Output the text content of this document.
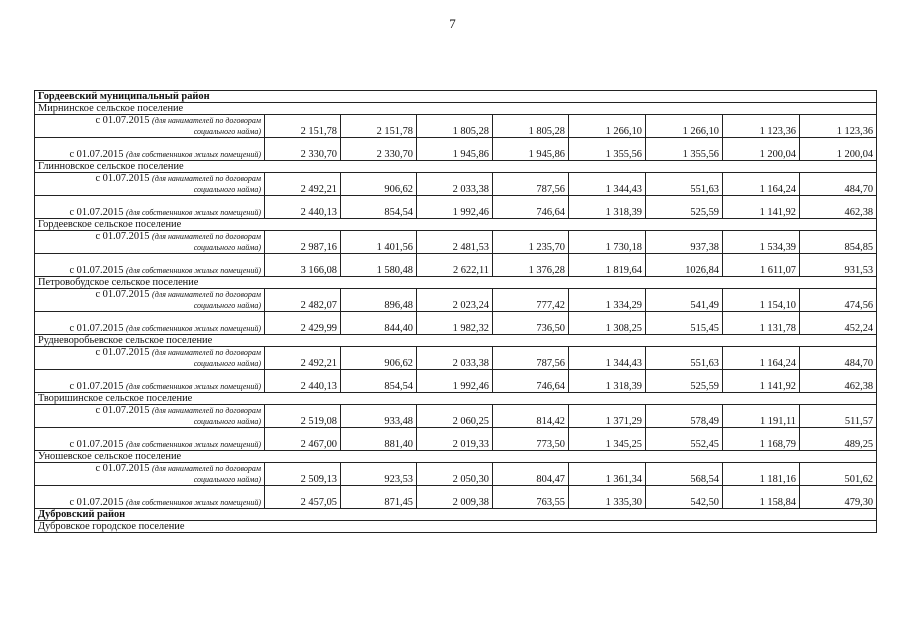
7
Гордеевский муниципальный район								
Мирнинское сельское поселение								

с 01.07.2015 (для нанимателей по договорам
социального найма)	2 151,78	2 151,78	1 805,28	1 805,28	1 266,10	1 266,10	1 123,36	1 123,36

с 01.07.2015 (для собственников жилых помещений)	2 330,70	2 330,70	1 945,86	1 945,86	1 355,56	1 355,56	1 200,04	1 200,04
Глинновское сельское поселение								

с 01.07.2015 (для нанимателей по договорам
социального найма)	2 492,21	906,62	2 033,38	787,56	1 344,43	551,63	1 164,24	484,70

с 01.07.2015 (для собственников жилых помещений)	2 440,13	854,54	1 992,46	746,64	1 318,39	525,59	1 141,92	462,38
Гордеевское сельское поселение								

с 01.07.2015 (для нанимателей по договорам
социального найма)	2 987,16	1 401,56	2 481,53	1 235,70	1 730,18	937,38	1 534,39	854,85

с 01.07.2015 (для собственников жилых помещений)	3 166,08	1 580,48	2 622,11	1 376,28	1 819,64	1026,84	1 611,07	931,53
Петровобудское сельское поселение								

с 01.07.2015 (для нанимателей по договорам
социального найма)	2 482,07	896,48	2 023,24	777,42	1 334,29	541,49	1 154,10	474,56

с 01.07.2015 (для собственников жилых помещений)	2 429,99	844,40	1 982,32	736,50	1 308,25	515,45	1 131,78	452,24
Рудневоробьевское сельское поселение								

с 01.07.2015 (для нанимателей по договорам
социального найма)	2 492,21	906,62	2 033,38	787,56	1 344,43	551,63	1 164,24	484,70

с 01.07.2015 (для собственников жилых помещений)	2 440,13	854,54	1 992,46	746,64	1 318,39	525,59	1 141,92	462,38
Творишинское сельское поселение								

с 01.07.2015 (для нанимателей по договорам
социального найма)	2 519,08	933,48	2 060,25	814,42	1 371,29	578,49	1 191,11	511,57

с 01.07.2015 (для собственников жилых помещений)	2 467,00	881,40	2 019,33	773,50	1 345,25	552,45	1 168,79	489,25
Уношевское сельское поселение								

с 01.07.2015 (для нанимателей по договорам
социального найма)	2 509,13	923,53	2 050,30	804,47	1 361,34	568,54	1 181,16	501,62

с 01.07.2015 (для собственников жилых помещений)	2 457,05	871,45	2 009,38	763,55	1 335,30	542,50	1 158,84	479,30
Дубровский район								
Дубровское городское поселение								
